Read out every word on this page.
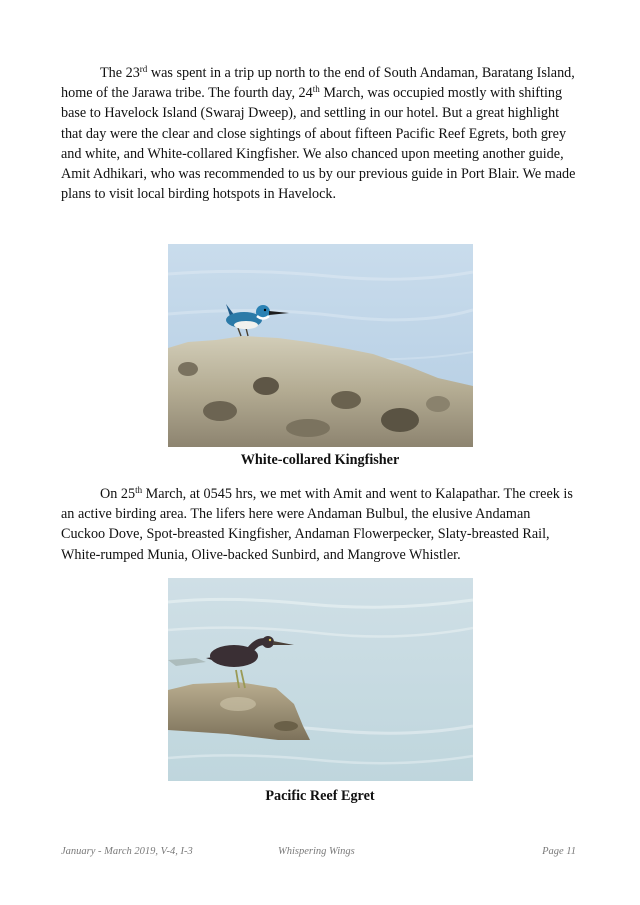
The 23rd was spent in a trip up north to the end of South Andaman, Baratang Island, home of the Jarawa tribe. The fourth day, 24th March, was occupied mostly with shifting base to Havelock Island (Swaraj Dweep), and settling in our hotel. But a great highlight that day were the clear and close sightings of about fifteen Pacific Reef Egrets, both grey and white, and White-collared Kingfisher. We also chanced upon meeting another guide, Amit Adhikari, who was recommended to us by our previous guide in Port Blair. We made plans to visit local birding hotspots in Havelock.

White-collared Kingfisher

On 25th March, at 0545 hrs, we met with Amit and went to Kalapathar. The creek is an active birding area. The lifers here were Andaman Bulbul, the elusive Andaman Cuckoo Dove, Spot-breasted Kingfisher, Andaman Flowerpecker, Slaty-breasted Rail, White-rumped Munia, Olive-backed Sunbird, and Mangrove Whistler.

Pacific Reef Egret
January - March 2019, V-4, I-3	Whispering Wings	Page 11
